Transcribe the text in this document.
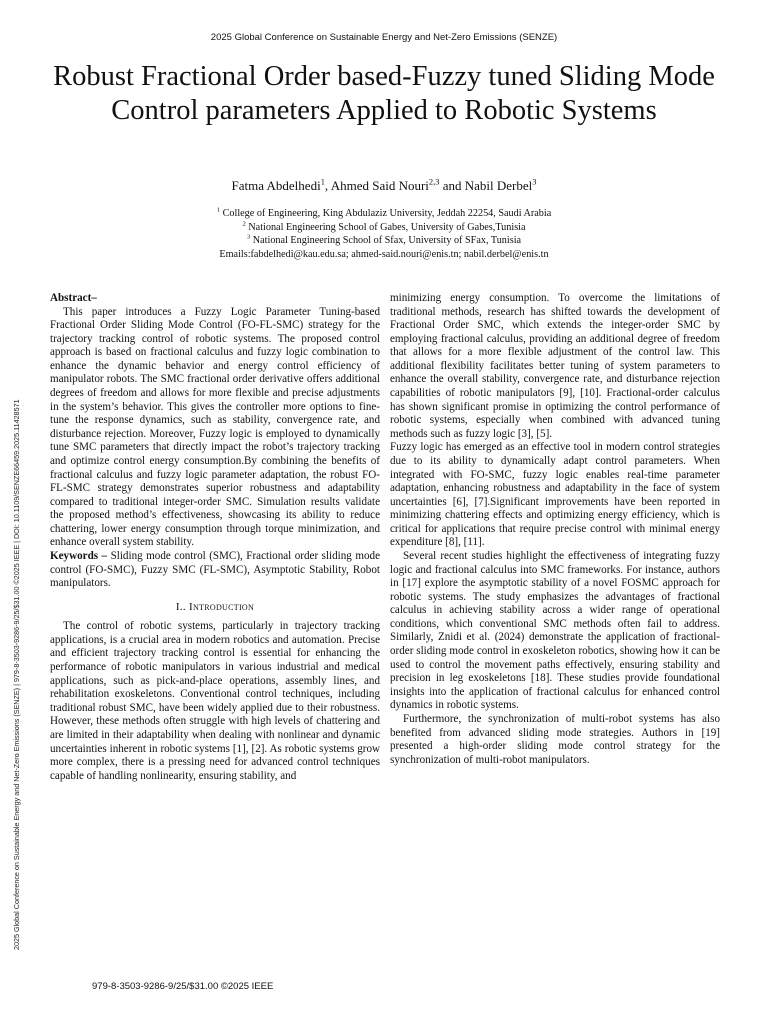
2025 Global Conference on Sustainable Energy and Net-Zero Emissions (SENZE)
Robust Fractional Order based-Fuzzy tuned Sliding Mode Control parameters Applied to Robotic Systems
Fatma Abdelhedi$^1$, Ahmed Said Nouri$^{2,3}$ and Nabil Derbel$^3$
$^1$ College of Engineering, King Abdulaziz University, Jeddah 22254, Saudi Arabia
$^2$ National Engineering School of Gabes, University of Gabes,Tunisia
$^3$ National Engineering School of Sfax, University of SFax, Tunisia
Emails:fabdelhedi@kau.edu.sa; ahmed-said.nouri@enis.tn; nabil.derbel@enis.tn
2025 Global Conference on Sustainable Energy and Net-Zero Emissions (SENZE) | 979-8-3503-9286-9/25/$31.00 ©2025 IEEE | DOI: 10.1109/SENZE66459.2025.11428571

Abstract–

This paper introduces a Fuzzy Logic Parameter Tuning-based Fractional Order Sliding Mode Control (FO-FL-SMC) strategy for the trajectory tracking control of robotic systems. The proposed control approach is based on fractional calculus and fuzzy logic combination to enhance the dynamic behavior and energy control efficiency of manipulator robots. The SMC fractional order derivative offers additional degrees of freedom and allows for more flexible and precise adjustments in the system’s behavior. This gives the controller more options to fine-tune the response dynamics, such as stability, convergence rate, and disturbance rejection. Moreover, Fuzzy logic is employed to dynamically tune SMC parameters that directly impact the robot’s trajectory tracking and optimize control energy consumption.By combining the benefits of fractional calculus and fuzzy logic parameter adaptation, the robust FO-FL-SMC strategy demonstrates superior robustness and adaptability compared to traditional integer-order SMC. Simulation results validate the proposed method’s effectiveness, showcasing its ability to reduce chattering, lower energy consumption through torque minimization, and enhance overall system stability.

Keywords – Sliding mode control (SMC), Fractional order sliding mode control (FO-SMC), Fuzzy SMC (FL-SMC), Asymptotic Stability, Robot manipulators.

I.. Introduction

The control of robotic systems, particularly in trajectory tracking applications, is a crucial area in modern robotics and automation. Precise and efficient trajectory tracking control is essential for enhancing the performance of robotic manipulators in various industrial and medical applications, such as pick-and-place operations, assembly lines, and rehabilitation exoskeletons. Conventional control techniques, including traditional robust SMC, have been widely applied due to their robustness. However, these methods often struggle with high levels of chattering and are limited in their adaptability when dealing with nonlinear and dynamic uncertainties inherent in robotic systems [1], [2]. As robotic systems grow more complex, there is a pressing need for advanced control techniques capable of handling nonlinearity, ensuring stability, and

minimizing energy consumption. To overcome the limitations of traditional methods, research has shifted towards the development of Fractional Order SMC, which extends the integer-order SMC by employing fractional calculus, providing an additional degree of freedom that allows for a more flexible adjustment of the control law. This additional flexibility facilitates better tuning of system parameters to enhance the overall stability, convergence rate, and disturbance rejection capabilities of robotic manipulators [9], [10]. Fractional-order calculus has shown significant promise in optimizing the control performance of robotic systems, especially when combined with advanced tuning methods such as fuzzy logic [3], [5].

Fuzzy logic has emerged as an effective tool in modern control strategies due to its ability to dynamically adapt control parameters. When integrated with FO-SMC, fuzzy logic enables real-time parameter adaptation, enhancing robustness and adaptability in the face of system uncertainties [6], [7].Significant improvements have been reported in minimizing chattering effects and optimizing energy efficiency, which is critical for applications that require precise control with minimal energy expenditure [8], [11].

Several recent studies highlight the effectiveness of integrating fuzzy logic and fractional calculus into SMC frameworks. For instance, authors in [17] explore the asymptotic stability of a novel FOSMC approach for robotic systems. The study emphasizes the advantages of fractional calculus in achieving stability across a wider range of operational conditions, which conventional SMC methods often fail to address. Similarly, Znidi et al. (2024) demonstrate the application of fractional-order sliding mode control in exoskeleton robotics, showing how it can be used to control the movement paths effectively, ensuring stability and precision in leg exoskeletons [18]. These studies provide foundational insights into the application of fractional calculus for enhanced control dynamics in robotic systems.

Furthermore, the synchronization of multi-robot systems has also benefited from advanced sliding mode strategies. Authors in [19] presented a high-order sliding mode control strategy for the synchronization of multi-robot manipulators.

979-8-3503-9286-9/25/$31.00 ©2025 IEEE
